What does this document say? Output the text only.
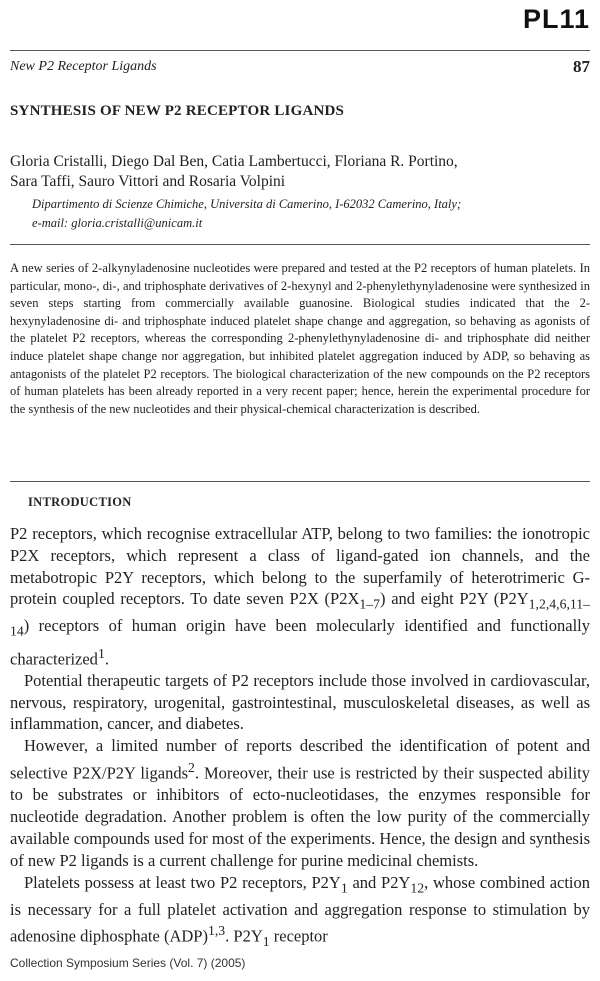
PL11
New P2 Receptor Ligands	87
SYNTHESIS OF NEW P2 RECEPTOR LIGANDS
Gloria Cristalli, Diego Dal Ben, Catia Lambertucci, Floriana R. Portino,
Sara Taffi, Sauro Vittori and Rosaria Volpini
Dipartimento di Scienze Chimiche, Universita di Camerino, I-62032 Camerino, Italy;
e-mail: gloria.cristalli@unicam.it

A new series of 2-alkynyladenosine nucleotides were prepared and tested at the P2 receptors of human platelets. In particular, mono-, di-, and triphosphate derivatives of 2-hexynyl and 2-phenylethynyladenosine were synthesized in seven steps starting from commercially available guanosine. Biological studies indicated that the 2-hexynyladenosine di- and triphosphate induced platelet shape change and aggregation, so behaving as agonists of the platelet P2 receptors, whereas the corresponding 2-phenylethynyladenosine di- and triphosphate did neither induce platelet shape change nor aggregation, but inhibited platelet aggregation induced by ADP, so behaving as antagonists of the platelet P2 receptors. The biological characterization of the new compounds on the P2 receptors of human platelets has been already reported in a very recent paper; hence, herein the experimental procedure for the synthesis of the new nucleotides and their physical-chemical characterization is described.

INTRODUCTION

P2 receptors, which recognise extracellular ATP, belong to two families: the ionotropic P2X receptors, which represent a class of ligand-gated ion channels, and the metabotropic P2Y receptors, which belong to the superfamily of heterotrimeric G-protein coupled receptors. To date seven P2X $(P2X_{1-7})$ and eight P2Y $(P2Y_{1,2,4,6,11-14})$ receptors of human origin have been molecularly identified and functionally characterized$^1$.

Potential therapeutic targets of P2 receptors include those involved in cardiovascular, nervous, respiratory, urogenital, gastrointestinal, musculoskeletal diseases, as well as inflammation, cancer, and diabetes.

However, a limited number of reports described the identification of potent and selective P2X/P2Y ligands$^2$. Moreover, their use is restricted by their suspected ability to be substrates or inhibitors of ecto-nucleotidases, the enzymes responsible for nucleotide degradation. Another problem is often the low purity of the commercially available compounds used for most of the experiments. Hence, the design and synthesis of new P2 ligands is a current challenge for purine medicinal chemists.

Platelets possess at least two P2 receptors, $P2Y_1$ and $P2Y_{12}$, whose combined action is necessary for a full platelet activation and aggregation response to stimulation by adenosine diphosphate (ADP)$^{1,3}$. $P2Y_1$ receptor

Collection Symposium Series (Vol. 7) (2005)
